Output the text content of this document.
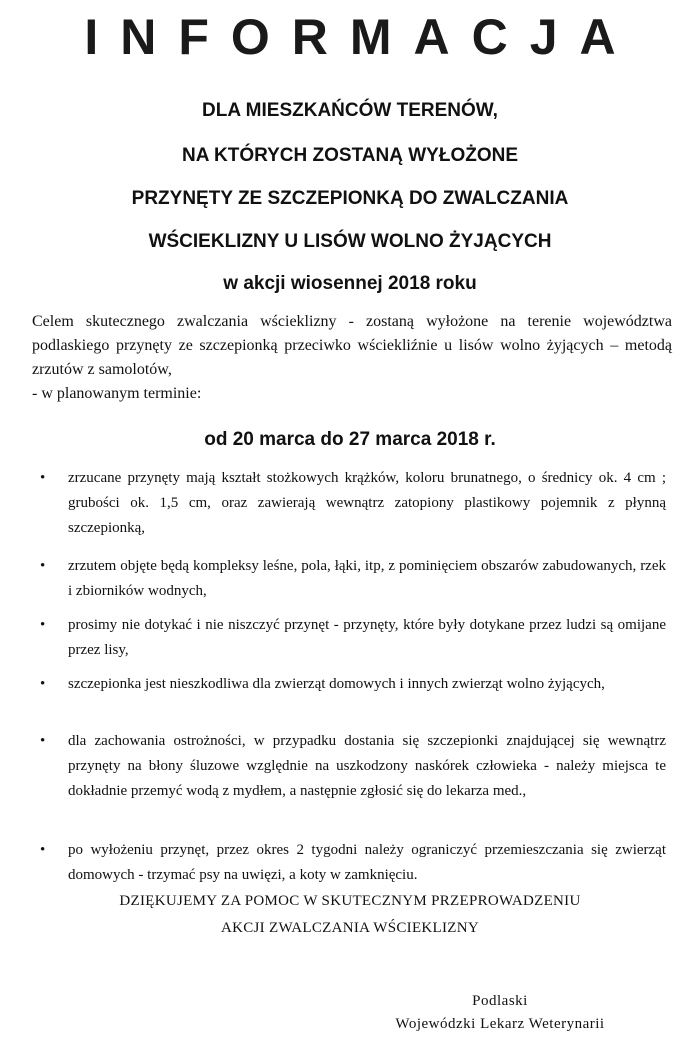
INFORMACJA
DLA MIESZKAŃCÓW TERENÓW,
NA KTÓRYCH ZOSTANĄ WYŁOŻONE
PRZYNĘTY ZE SZCZEPIONKĄ DO ZWALCZANIA
WŚCIEKLIZNY U LISÓW WOLNO ŻYJĄCYCH
w akcji wiosennej 2018 roku

Celem skutecznego zwalczania wścieklizny - zostaną wyłożone na terenie województwa podlaskiego przynęty ze szczepionką przeciwko wściekliźnie u lisów wolno żyjących – metodą zrzutów z samolotów,

- w planowanym terminie:

od 20 marca do 27 marca 2018 r.
• zrzucane przynęty mają kształt stożkowych krążków, koloru brunatnego, o średnicy ok. 4 cm ; grubości ok. 1,5 cm, oraz zawierają wewnątrz zatopiony plastikowy pojemnik z płynną szczepionką,
• zrzutem objęte będą kompleksy leśne, pola, łąki, itp, z pominięciem obszarów zabudowanych, rzek i zbiorników wodnych,
• prosimy nie dotykać i nie niszczyć przynęt - przynęty, które były dotykane przez ludzi są omijane przez lisy,
• szczepionka jest nieszkodliwa dla zwierząt domowych i innych zwierząt wolno żyjących,
• dla zachowania ostrożności, w przypadku dostania się szczepionki znajdującej się wewnątrz przynęty na błony śluzowe względnie na uszkodzony naskórek człowieka - należy miejsca te dokładnie przemyć wodą z mydłem, a następnie zgłosić się do lekarza med.,
• po wyłożeniu przynęt, przez okres 2 tygodni należy ograniczyć przemieszczania się zwierząt domowych - trzymać psy na uwięzi, a koty w zamknięciu.
DZIĘKUJEMY ZA POMOC W SKUTECZNYM PRZEPROWADZENIU
AKCJI ZWALCZANIA WŚCIEKLIZNY
Podlaski
Wojewódzki Lekarz Weterynarii
